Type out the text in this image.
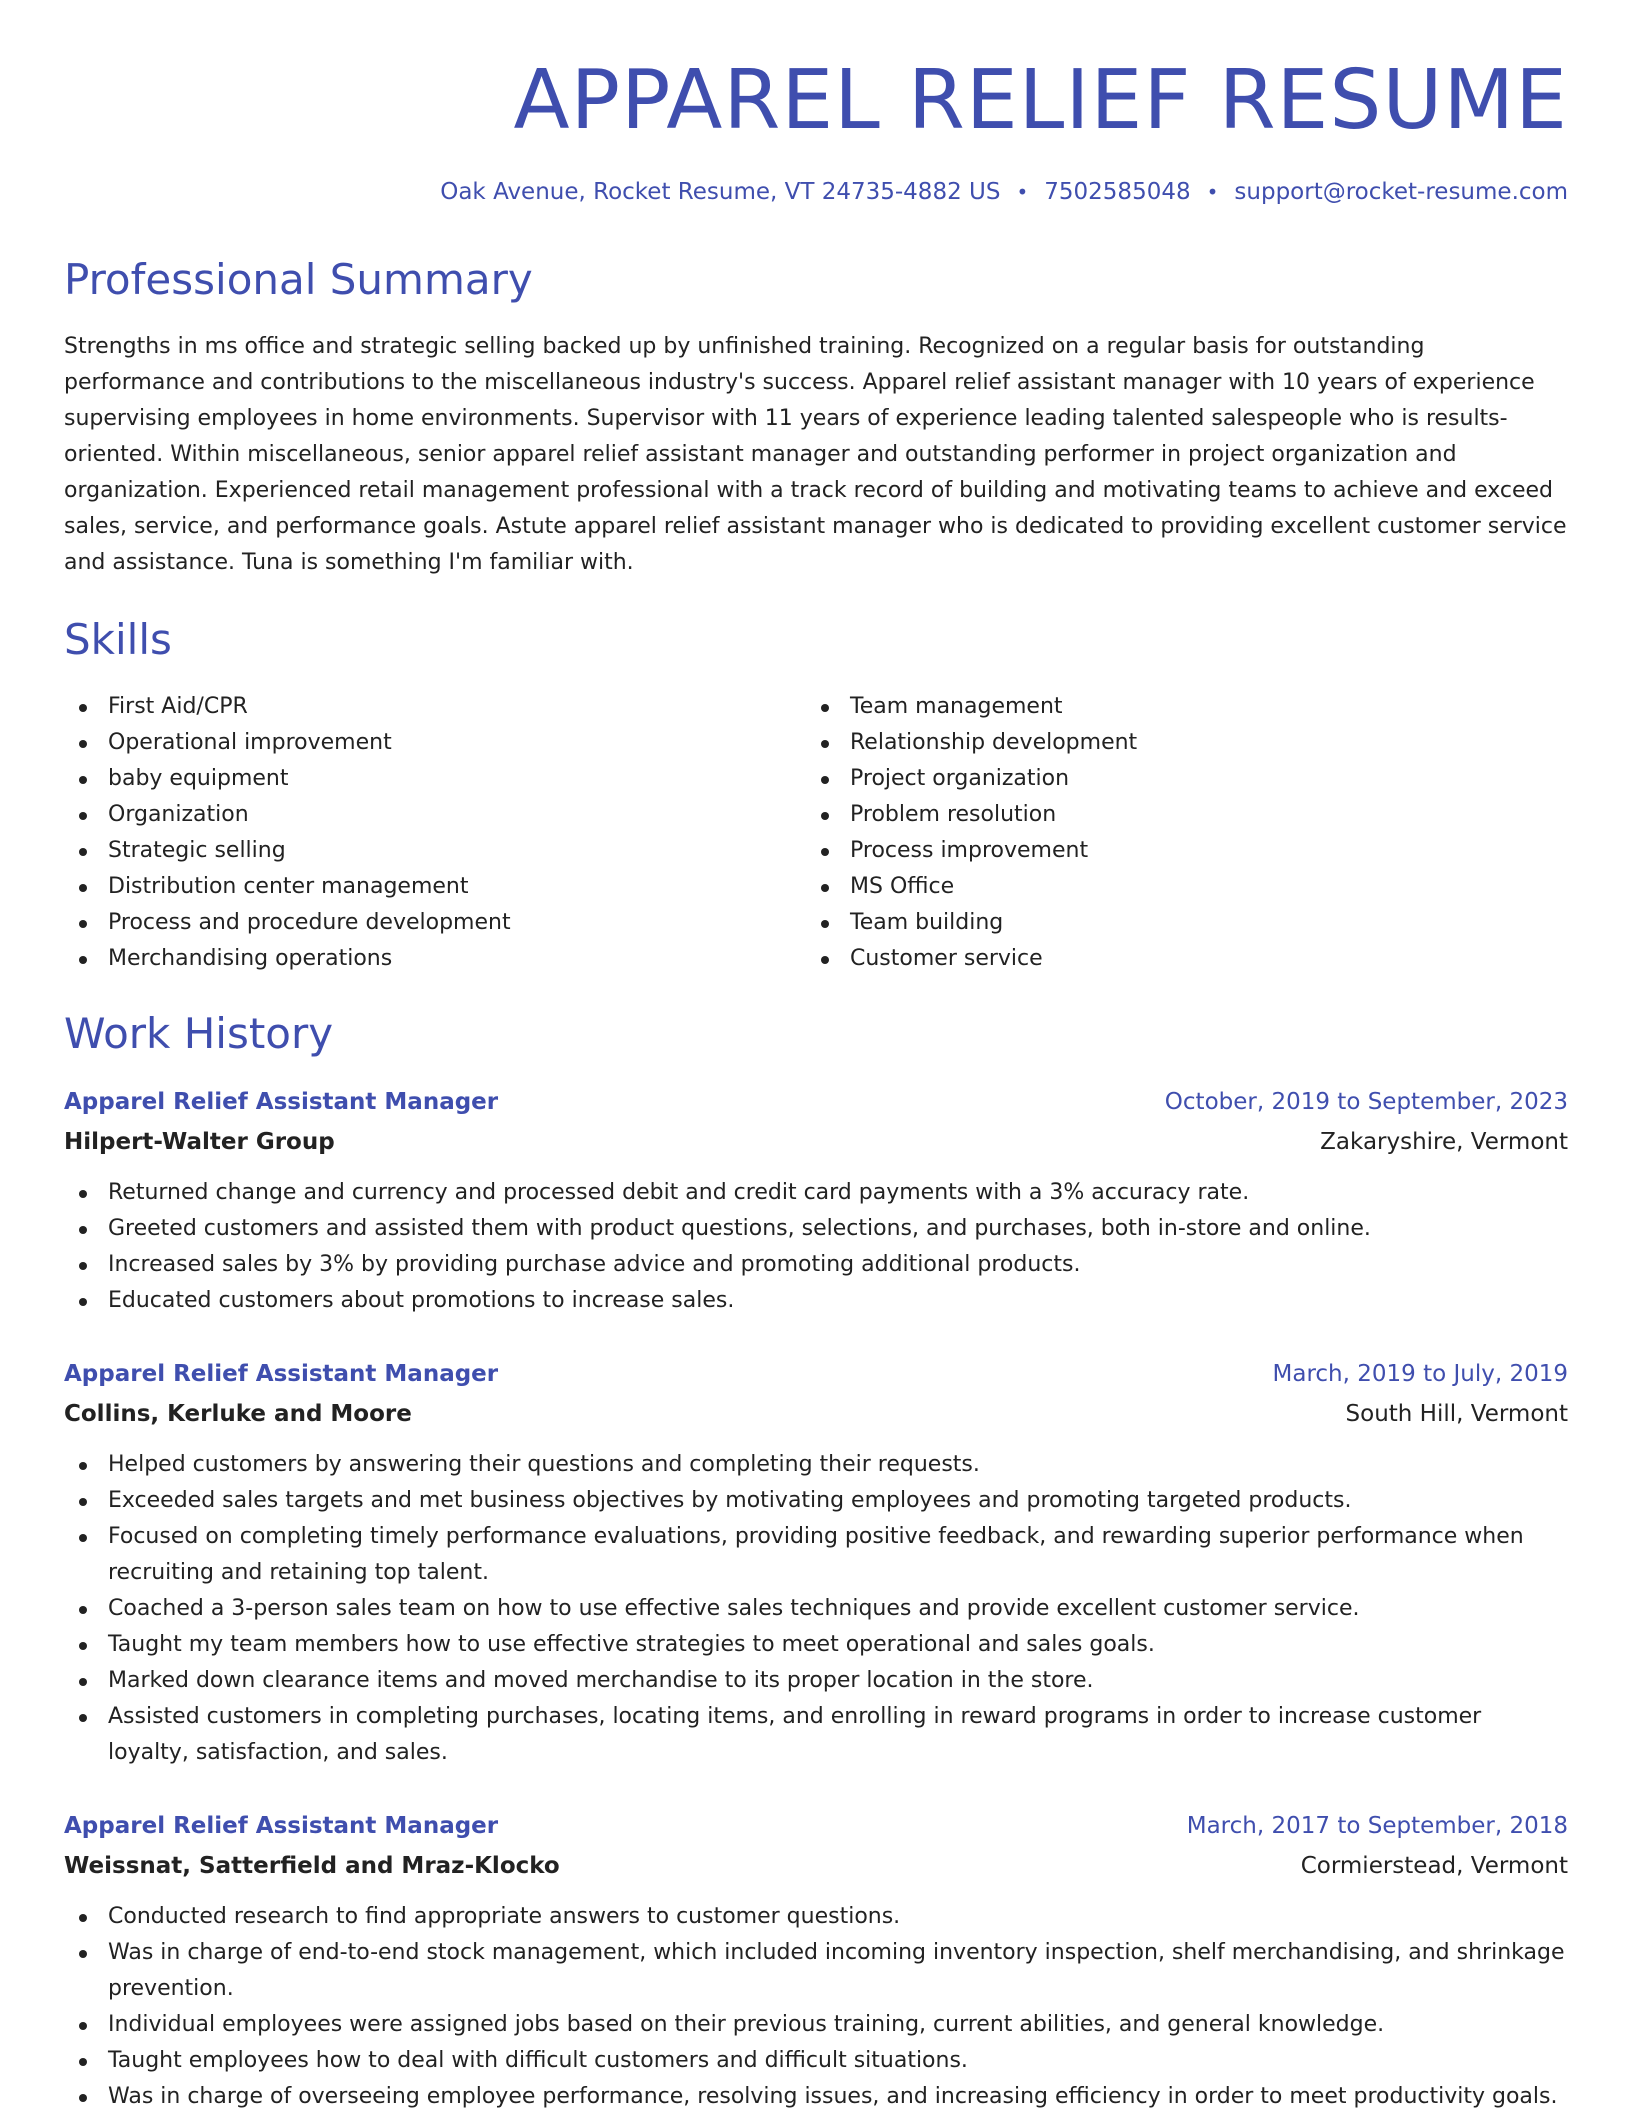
APPAREL RELIEF RESUME
Oak Avenue, Rocket Resume, VT 24735-4882 US • 7502585048 • support@rocket-resume.com
Professional Summary

Strengths in ms office and strategic selling backed up by unfinished training. Recognized on a regular basis for outstanding performance and contributions to the miscellaneous industry's success. Apparel relief assistant manager with 10 years of experience supervising employees in home environments. Supervisor with 11 years of experience leading talented salespeople who is results-oriented. Within miscellaneous, senior apparel relief assistant manager and outstanding performer in project organization and organization. Experienced retail management professional with a track record of building and motivating teams to achieve and exceed sales, service, and performance goals. Astute apparel relief assistant manager who is dedicated to providing excellent customer service and assistance. Tuna is something I'm familiar with.

Skills
First Aid/CPR
Operational improvement
baby equipment
Organization
Strategic selling
Distribution center management
Process and procedure development
Merchandising operations
Team management
Relationship development
Project organization
Problem resolution
Process improvement
MS Office
Team building
Customer service
Work History
Apparel Relief Assistant Manager	October, 2019 to September, 2023
Hilpert-Walter Group	Zakaryshire, Vermont
Returned change and currency and processed debit and credit card payments with a 3% accuracy rate.
Greeted customers and assisted them with product questions, selections, and purchases, both in-store and online.
Increased sales by 3% by providing purchase advice and promoting additional products.
Educated customers about promotions to increase sales.
Apparel Relief Assistant Manager	March, 2019 to July, 2019
Collins, Kerluke and Moore	South Hill, Vermont
Helped customers by answering their questions and completing their requests.
Exceeded sales targets and met business objectives by motivating employees and promoting targeted products.
Focused on completing timely performance evaluations, providing positive feedback, and rewarding superior performance when recruiting and retaining top talent.
Coached a 3-person sales team on how to use effective sales techniques and provide excellent customer service.
Taught my team members how to use effective strategies to meet operational and sales goals.
Marked down clearance items and moved merchandise to its proper location in the store.
Assisted customers in completing purchases, locating items, and enrolling in reward programs in order to increase customer loyalty, satisfaction, and sales.
Apparel Relief Assistant Manager	March, 2017 to September, 2018
Weissnat, Satterfield and Mraz-Klocko	Cormierstead, Vermont
Conducted research to find appropriate answers to customer questions.
Was in charge of end-to-end stock management, which included incoming inventory inspection, shelf merchandising, and shrinkage prevention.
Individual employees were assigned jobs based on their previous training, current abilities, and general knowledge.
Taught employees how to deal with difficult customers and difficult situations.
Was in charge of overseeing employee performance, resolving issues, and increasing efficiency in order to meet productivity goals.
